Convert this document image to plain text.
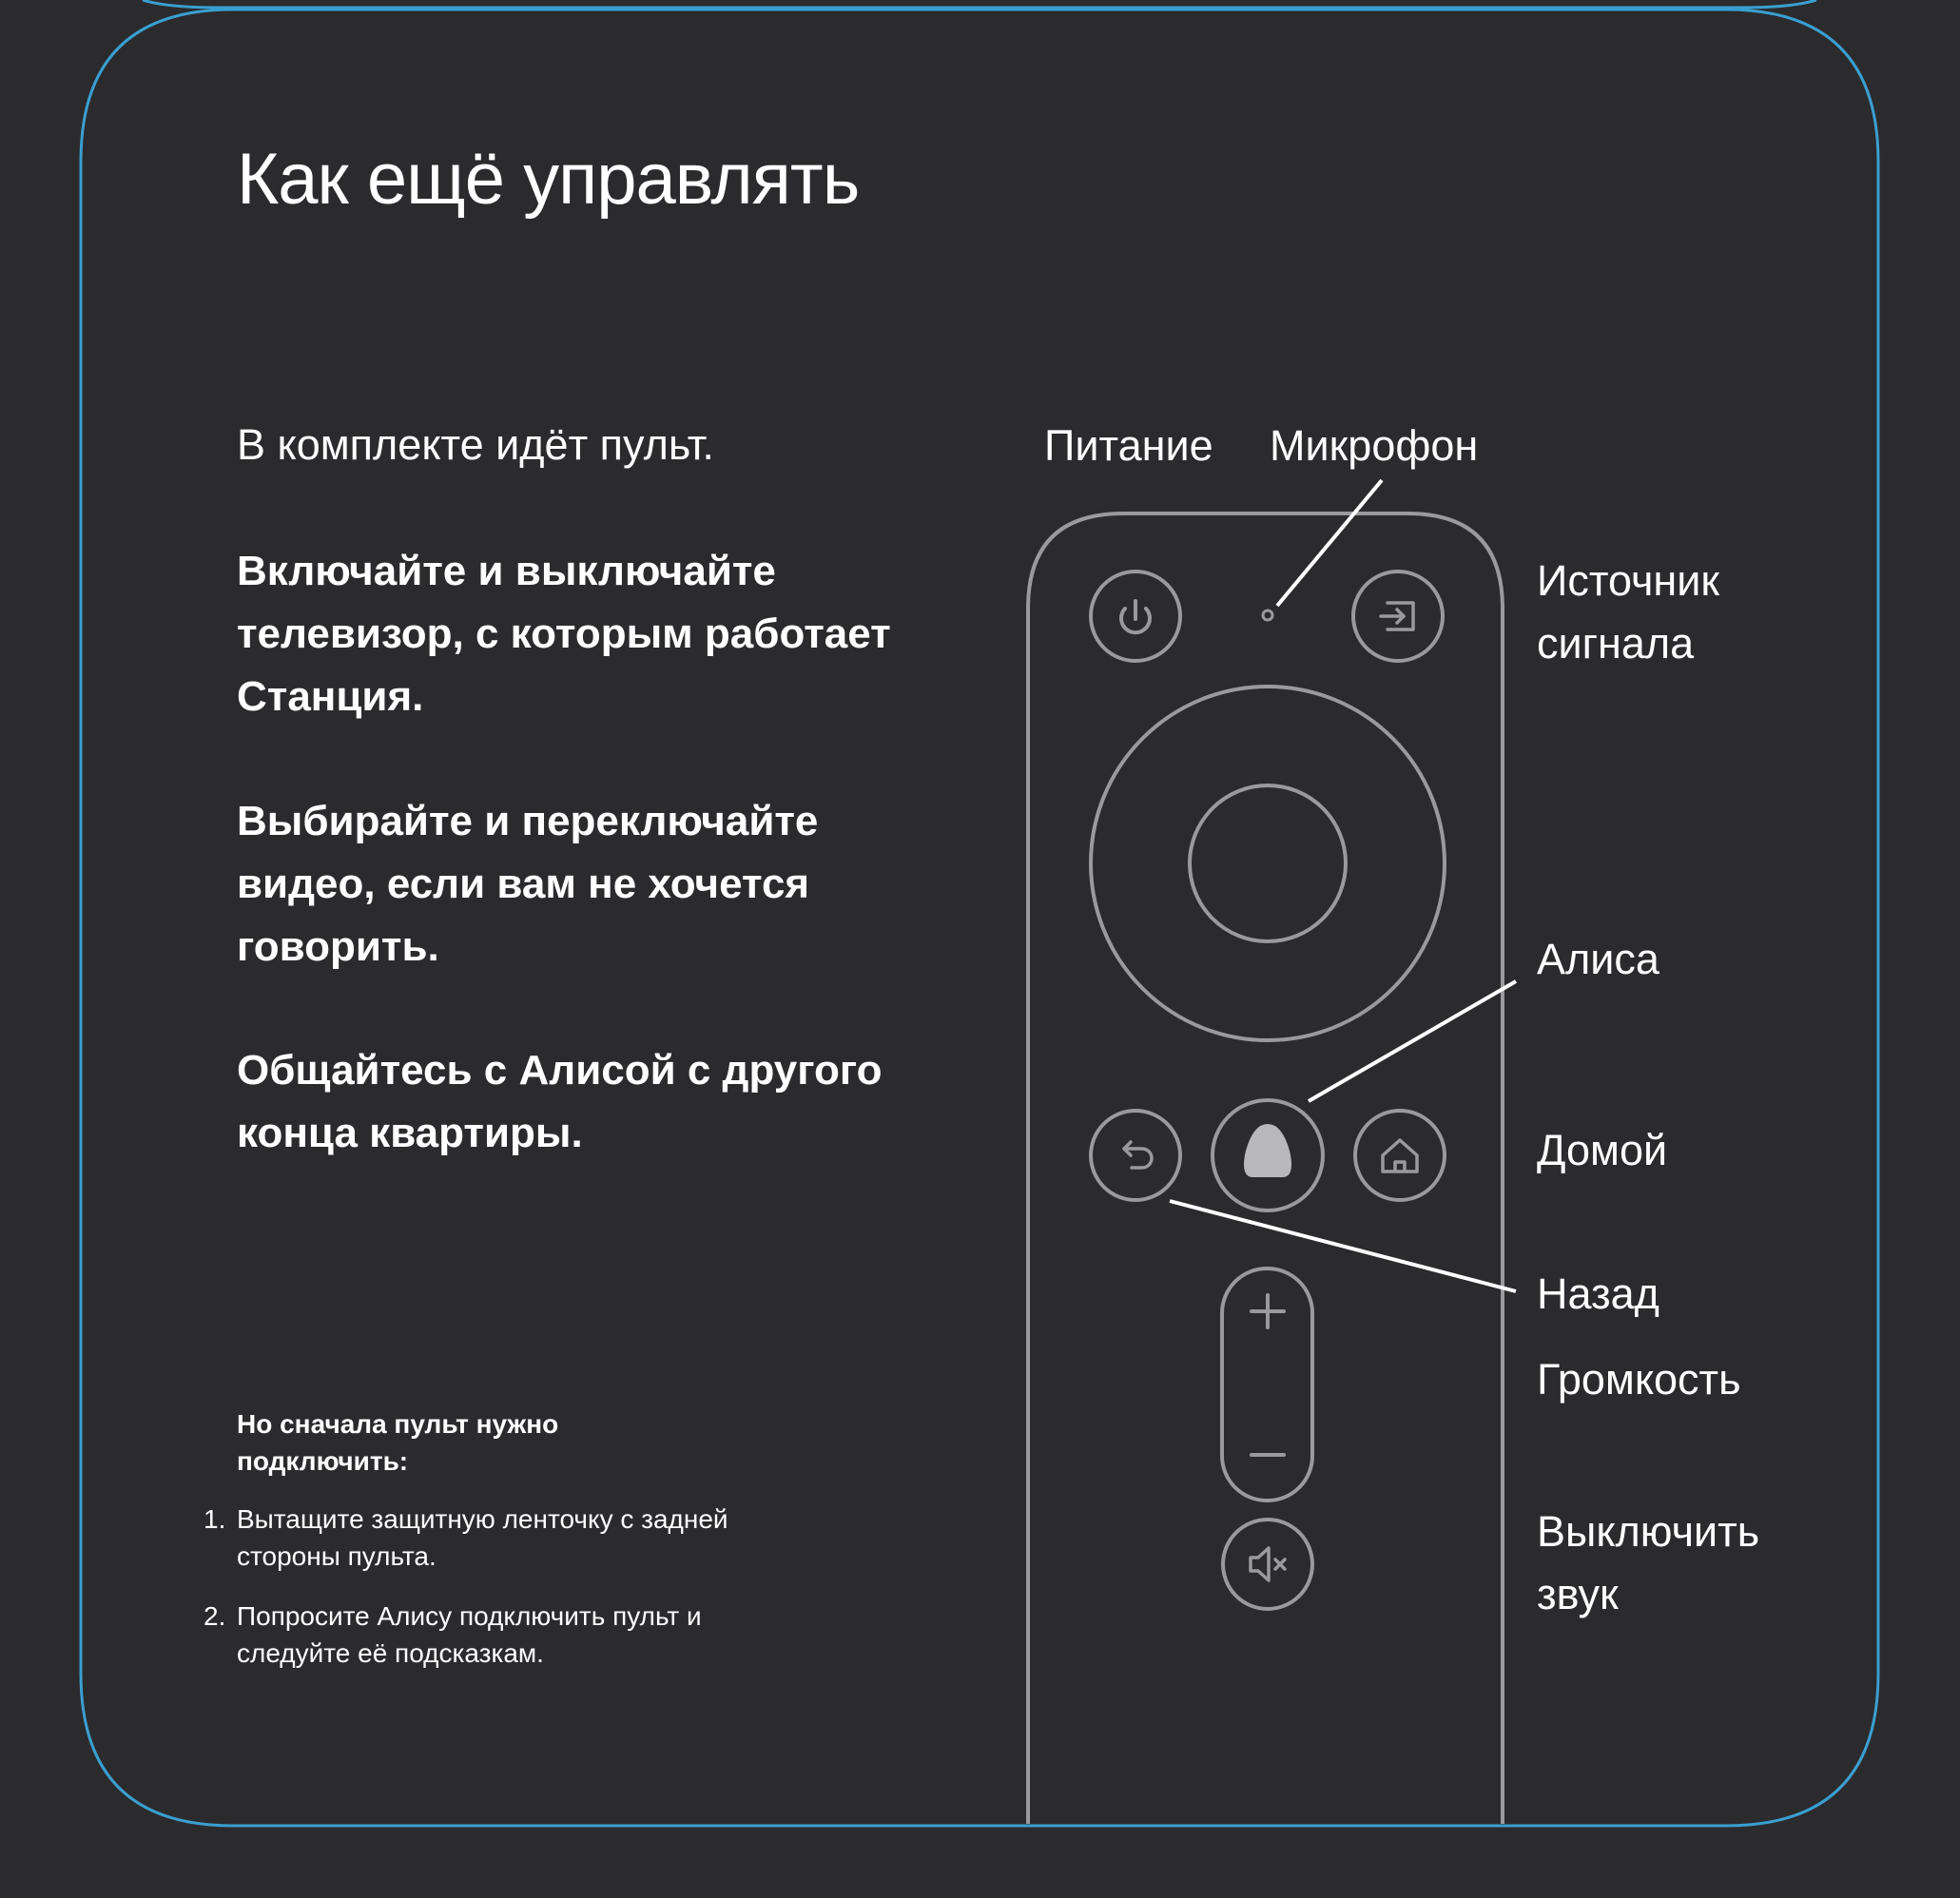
Как ещё управлять
В комплекте идёт пульт.
Включайте и выключайте телевизор, с которым работает Станция.
Выбирайте и переключайте видео, если вам не хочется говорить.
Общайтесь с Алисой с другого конца квартиры.
Но сначала пульт нужно подключить:
1. Вытащите защитную ленточку с задней стороны пульта.
2. Попросите Алису подключить пульт и следуйте её подсказкам.
Питание Микрофон
Источник сигнала
Алиса
Домой
Назад
Громкость
Выключить звук
